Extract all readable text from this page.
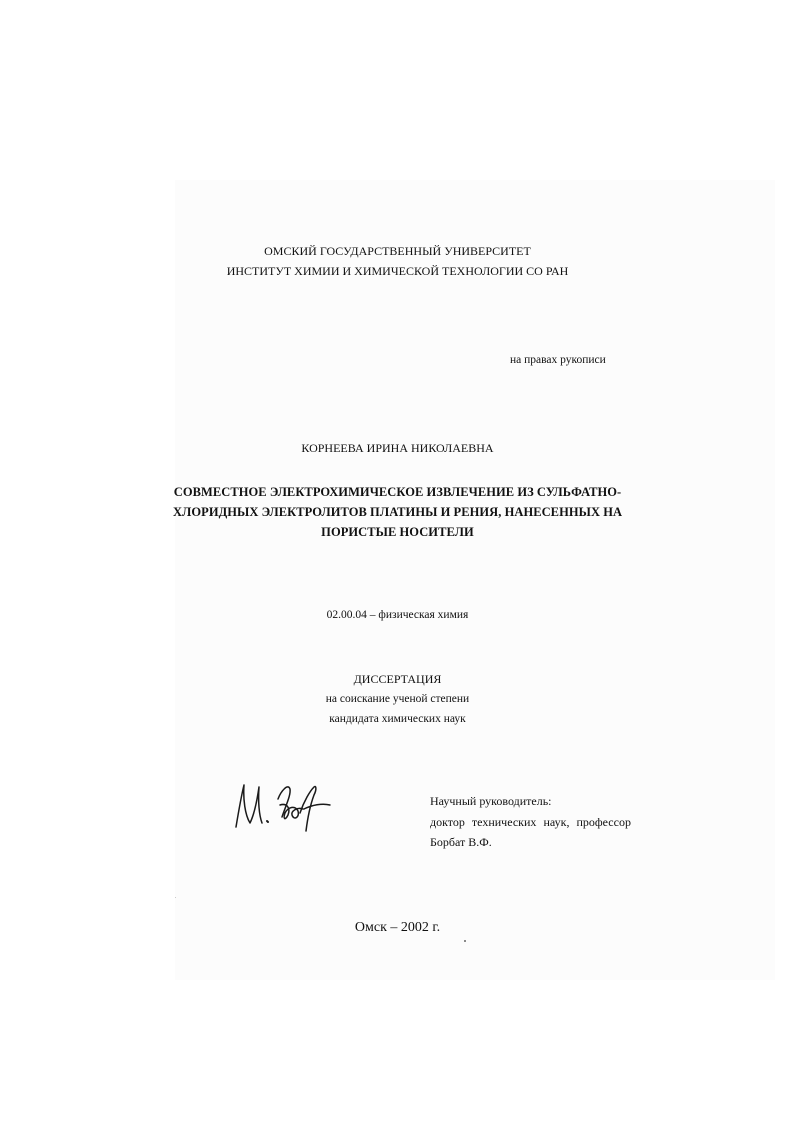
ОМСКИЙ ГОСУДАРСТВЕННЫЙ УНИВЕРСИТЕТ
ИНСТИТУТ ХИМИИ И ХИМИЧЕСКОЙ ТЕХНОЛОГИИ СО РАН
на правах рукописи
КОРНЕЕВА ИРИНА НИКОЛАЕВНА
СОВМЕСТНОЕ ЭЛЕКТРОХИМИЧЕСКОЕ ИЗВЛЕЧЕНИЕ ИЗ СУЛЬФАТНО-
ХЛОРИДНЫХ ЭЛЕКТРОЛИТОВ ПЛАТИНЫ И РЕНИЯ, НАНЕСЕННЫХ НА
ПОРИСТЫЕ НОСИТЕЛИ
02.00.04 – физическая химия
ДИССЕРТАЦИЯ
на соискание ученой степени
кандидата химических наук
Научный руководитель:
доктор технических наук, профессор
Борбат В.Ф.
Омск – 2002 г.
